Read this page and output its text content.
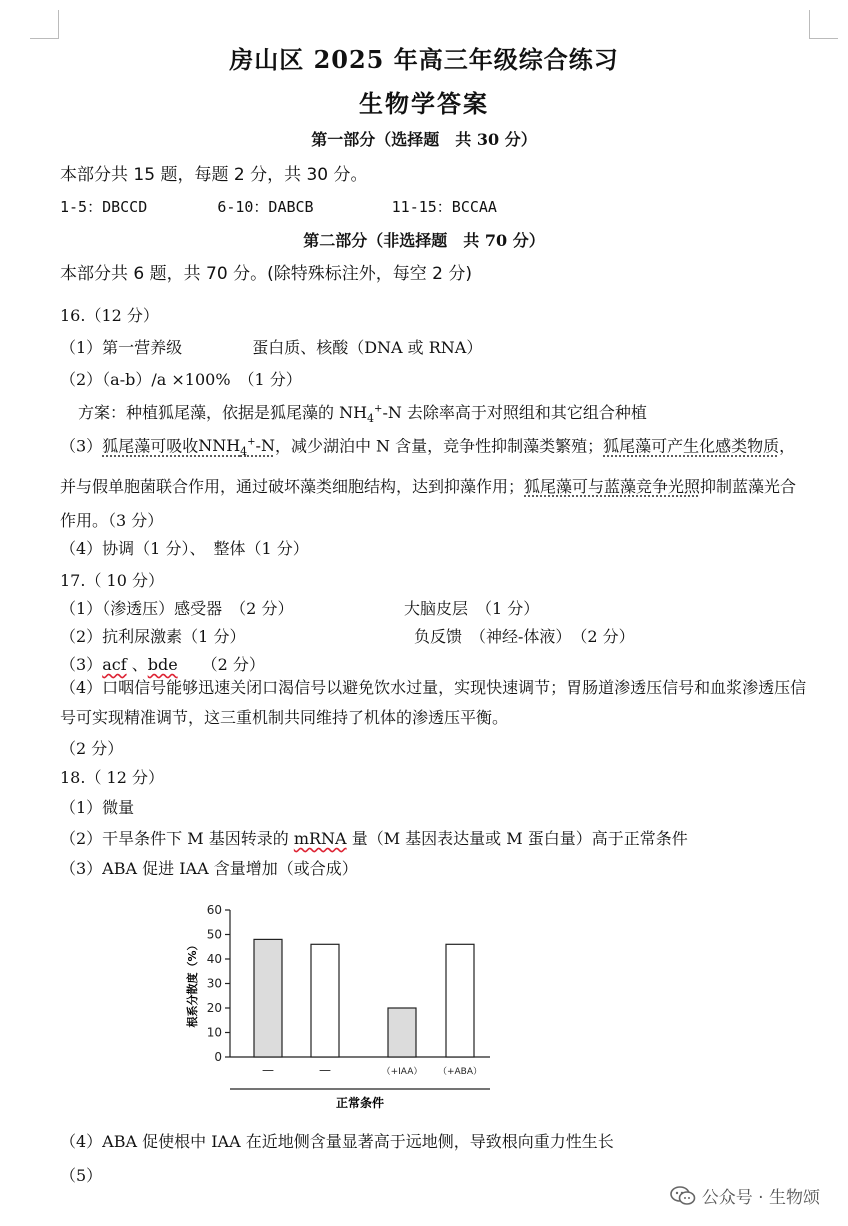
房山区 2025 年高三年级综合练习
生物学答案
第一部分（选择题　共 30 分）
本部分共 15 题，每题 2 分，共 30 分。
1-5：DBCCD	6-10：DABCB	11-15：BCCAA
第二部分（非选择题　共 70 分）
本部分共 6 题，共 70 分。(除特殊标注外，每空 2 分)
16.（12 分）
（1）第一营养级	蛋白质、核酸（DNA 或 RNA）
（2）（a-b）/a ×100%　（1 分）
方案：种植狐尾藻，依据是狐尾藻的 $NH_4^+-N$ 去除率高于对照组和其它组合种植
（3）狐尾藻可吸收$NNH_4^+-N$，减少湖泊中 N 含量，竞争性抑制藻类繁殖；狐尾藻可产生化感类物质，并与假单胞菌联合作用，通过破坏藻类细胞结构，达到抑藻作用；狐尾藻可与蓝藻竞争光照抑制蓝藻光合作用。（3 分）
（4）协调（1 分）、　整体（1 分）
17.（ 10 分）
（1）（渗透压）感受器　（2 分）	大脑皮层　（1 分）
（2）抗利尿激素（1 分）	负反馈　（神经-体液）　（2 分）
（3）acf 、bde　　（2 分）
（4）口咽信号能够迅速关闭口渴信号以避免饮水过量，实现快速调节；胃肠道渗透压信号和血浆渗透压信号可实现精准调节，这三重机制共同维持了机体的渗透压平衡。
（2 分）
18.（ 12 分）
（1）微量
（2）干旱条件下 M 基因转录的 mRNA 量（M 基因表达量或 M 蛋白量）高于正常条件
（3）ABA 促进 IAA 含量增加（或合成）
0
10
20
30
40
50
60
—	—	（+IAA） （+ABA）
根系分散度（%）
正常条件
（4）ABA 促使根中 IAA 在近地侧含量显著高于远地侧，导致根向重力性生长
（5）
公众号 · 生物颂
